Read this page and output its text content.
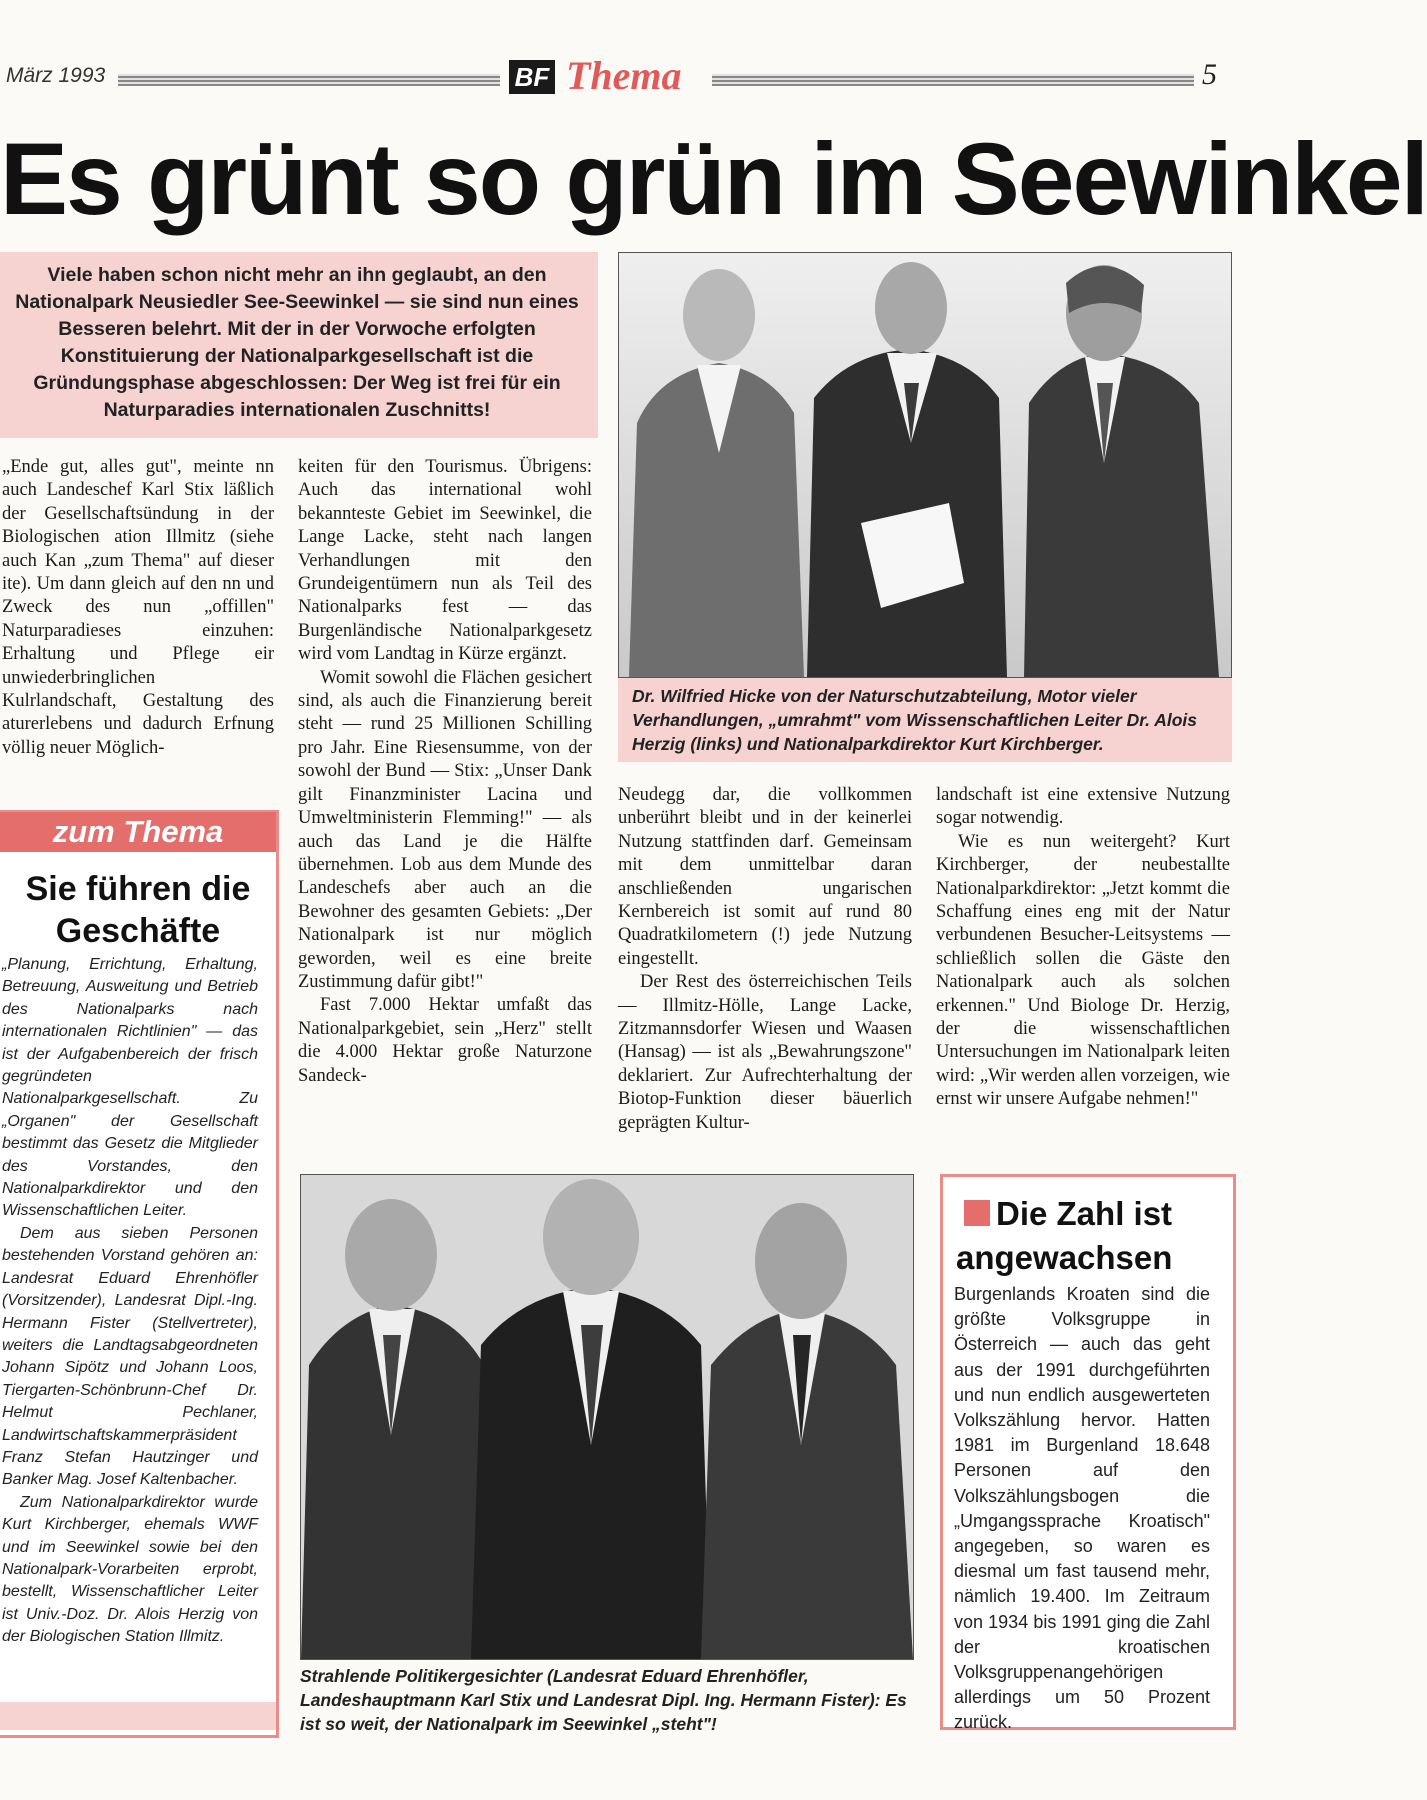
März 1993	BF Thema	5
Es grünt so grün im Seewinkel

Viele haben schon nicht mehr an ihn geglaubt, an den Nationalpark Neusiedler See-Seewinkel — sie sind nun eines Besseren belehrt. Mit der in der Vorwoche erfolgten Konstituierung der Nationalparkgesellschaft ist die Gründungsphase abgeschlossen: Der Weg ist frei für ein Naturparadies internationalen Zuschnitts!

Dr. Wilfried Hicke von der Naturschutzabteilung, Motor vieler Verhandlungen, „umrahmt" vom Wissenschaftlichen Leiter Dr. Alois Herzig (links) und Nationalparkdirektor Kurt Kirchberger.

„Ende gut, alles gut", meinte nn auch Landeschef Karl Stix läßlich der Gesellschaftsündung in der Biologischen ation Illmitz (siehe auch Kan „zum Thema" auf dieser ite). Um dann gleich auf den nn und Zweck des nun „offillen" Naturparadieses einzuhen: Erhaltung und Pflege eir unwiederbringlichen Kulrlandschaft, Gestaltung des aturerlebens und dadurch Erfnung völlig neuer Möglich-

keiten für den Tourismus. Übrigens: Auch das international wohl bekannteste Gebiet im Seewinkel, die Lange Lacke, steht nach langen Verhandlungen mit den Grundeigentümern nun als Teil des Nationalparks fest — das Burgenländische Nationalparkgesetz wird vom Landtag in Kürze ergänzt.

Womit sowohl die Flächen gesichert sind, als auch die Finanzierung bereit steht — rund 25 Millionen Schilling pro Jahr. Eine Riesensumme, von der sowohl der Bund — Stix: „Unser Dank gilt Finanzminister Lacina und Umweltministerin Flemming!" — als auch das Land je die Hälfte übernehmen. Lob aus dem Munde des Landeschefs aber auch an die Bewohner des gesamten Gebiets: „Der Nationalpark ist nur möglich geworden, weil es eine breite Zustimmung dafür gibt!"

Fast 7.000 Hektar umfaßt das Nationalparkgebiet, sein „Herz" stellt die 4.000 Hektar große Naturzone Sandeck-

Neudegg dar, die vollkommen unberührt bleibt und in der keinerlei Nutzung stattfinden darf. Gemeinsam mit dem unmittelbar daran anschließenden ungarischen Kernbereich ist somit auf rund 80 Quadratkilometern (!) jede Nutzung eingestellt.

Der Rest des österreichischen Teils — Illmitz-Hölle, Lange Lacke, Zitzmannsdorfer Wiesen und Waasen (Hansag) — ist als „Bewahrungszone" deklariert. Zur Aufrechterhaltung der Biotop-Funktion dieser bäuerlich geprägten Kultur-

landschaft ist eine extensive Nutzung sogar notwendig.

Wie es nun weitergeht? Kurt Kirchberger, der neubestallte Nationalparkdirektor: „Jetzt kommt die Schaffung eines eng mit der Natur verbundenen Besucher-Leitsystems — schließlich sollen die Gäste den Nationalpark auch als solchen erkennen." Und Biologe Dr. Herzig, der die wissenschaftlichen Untersuchungen im Nationalpark leiten wird: „Wir werden allen vorzeigen, wie ernst wir unsere Aufgabe nehmen!"

zum Thema
Sie führen die Geschäfte

„Planung, Errichtung, Erhaltung, Betreuung, Ausweitung und Betrieb des Nationalparks nach internationalen Richtlinien" — das ist der Aufgabenbereich der frisch gegründeten Nationalparkgesellschaft. Zu „Organen" der Gesellschaft bestimmt das Gesetz die Mitglieder des Vorstandes, den Nationalparkdirektor und den Wissenschaftlichen Leiter.

Dem aus sieben Personen bestehenden Vorstand gehören an: Landesrat Eduard Ehrenhöfler (Vorsitzender), Landesrat Dipl.-Ing. Hermann Fister (Stellvertreter), weiters die Landtagsabgeordneten Johann Sipötz und Johann Loos, Tiergarten-Schönbrunn-Chef Dr. Helmut Pechlaner, Landwirtschaftskammerpräsident Franz Stefan Hautzinger und Banker Mag. Josef Kaltenbacher.

Zum Nationalparkdirektor wurde Kurt Kirchberger, ehemals WWF und im Seewinkel sowie bei den Nationalpark-Vorarbeiten erprobt, bestellt, Wissenschaftlicher Leiter ist Univ.-Doz. Dr. Alois Herzig von der Biologischen Station Illmitz.

Strahlende Politikergesichter (Landesrat Eduard Ehrenhöfler, Landeshauptmann Karl Stix und Landesrat Dipl. Ing. Hermann Fister): Es ist so weit, der Nationalpark im Seewinkel „steht"!
Die Zahl ist angewachsen
Burgenlands Kroaten sind die größte Volksgruppe in Österreich — auch das geht aus der 1991 durchgeführten und nun endlich ausgewerteten Volkszählung hervor. Hatten 1981 im Burgenland 18.648 Personen auf den Volkszählungsbogen die „Umgangssprache Kroatisch" angegeben, so waren es diesmal um fast tausend mehr, nämlich 19.400. Im Zeitraum von 1934 bis 1991 ging die Zahl der kroatischen Volksgruppenangehörigen allerdings um 50 Prozent zurück.
